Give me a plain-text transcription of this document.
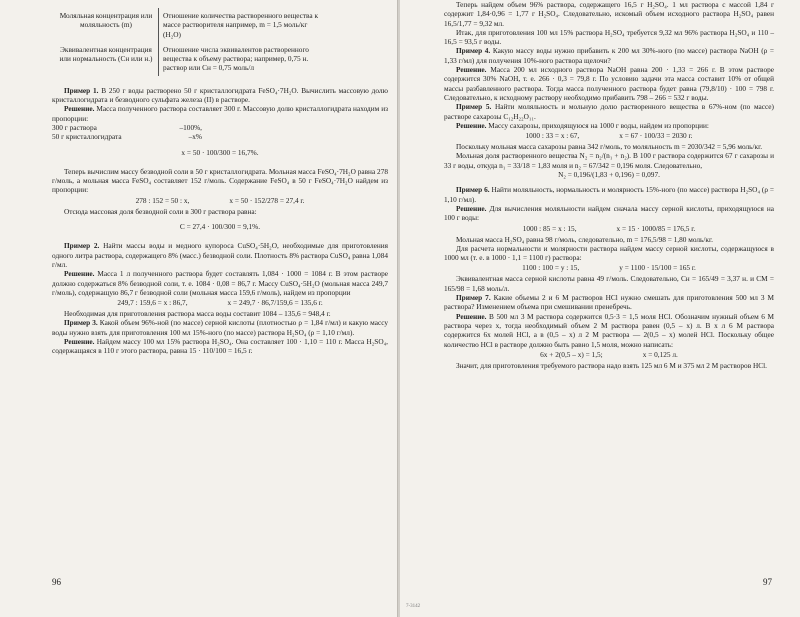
Моляльная концентрация или моляльность (m)	Отношение количества растворенного вещества к массе растворителя например, m = 1,5 моль/кг (H₂O)
Эквивалентная концентрация или нормальность (Cн или н.)	Отношение числа эквивалентов растворенного вещества к объему раствора; например, 0,75 н. раствор или Cн = 0,75 моль/л

Пример 1. В 250 г воды растворено 50 г кристаллогидрата FeSO₄·7H₂O. Вычислить массовую долю кристаллогидрата и безводного сульфата железа (II) в растворе.

Решение. Масса полученного раствора составляет 300 г. Массовую долю кристаллогидрата находим из пропорции:

300 г раствора	–100%,
50 г кристаллогидрата	–x%

x = 50 · 100/300 = 16,7%.

Теперь вычислим массу безводной соли в 50 г кристаллогидрата. Мольная масса FeSO₄·7H₂O равна 278 г/моль, а мольная масса FeSO₄ составляет 152 г/моль. Содержание FeSO₄ в 50 г FeSO₄·7H₂O найдем из пропорции:

278 : 152 = 50 : x,	x = 50 · 152/278 = 27,4 г.

Отсюда массовая доля безводной соли в 300 г раствора равна:

C = 27,4 · 100/300 = 9,1%.

Пример 2. Найти массы воды и медного купороса CuSO₄·5H₂O, необходимые для приготовления одного литра раствора, содержащего 8% (масс.) безводной соли. Плотность 8% раствора CuSO₄ равна 1,084 г/мл.

Решение. Масса 1 л полученного раствора будет составлять 1,084 · 1000 = 1084 г. В этом растворе должно содержаться 8% безводной соли, т. е. 1084 · 0,08 = 86,7 г. Массу CuSO₄·5H₂O (мольная масса 249,7 г/моль), содержащую 86,7 г безводной соли (мольная масса 159,6 г/моль), найдем из пропорции

249,7 : 159,6 = x : 86,7,	x = 249,7 · 86,7/159,6 = 135,6 г.

Необходимая для приготовления раствора масса воды составит 1084 – 135,6 = 948,4 г.

Пример 3. Какой объем 96%-ной (по массе) серной кислоты (плотностью ρ = 1,84 г/мл) и какую массу воды нужно взять для приготовления 100 мл 15%-ного (по массе) раствора H₂SO₄ (ρ = 1,10 г/мл).

Решение. Найдем массу 100 мл 15% раствора H₂SO₄. Она составляет 100 · 1,10 = 110 г. Масса H₂SO₄, содержащаяся в 110 г этого раствора, равна 15 · 110/100 = 16,5 г.

96

Теперь найдем объем 96% раствора, содержащего 16,5 г H₂SO₄. 1 мл раствора с массой 1,84 г содержит 1,84·0,96 = 1,77 г H₂SO₄. Следовательно, искомый объем исходного раствора H₂SO₄ равен 16,5/1,77 = 9,32 мл.

Итак, для приготовления 100 мл 15% раствора H₂SO₄ требуется 9,32 мл 96% раствора H₂SO₄ и 110 – 16,5 = 93,5 г воды.

Пример 4. Какую массу воды нужно прибавить к 200 мл 30%-ного (по массе) раствора NaOH (ρ = 1,33 г/мл) для получения 10%-ного раствора щелочи?

Решение. Масса 200 мл исходного раствора NaOH равна 200 · 1,33 = 266 г. В этом растворе содержится 30% NaOH, т. е. 266 · 0,3 = 79,8 г. По условию задачи эта масса составит 10% от общей массы разбавленного раствора. Тогда масса полученного раствора будет равна (79,8/10) · 100 = 798 г. Следовательно, к исходному раствору необходимо прибавить 798 – 266 = 532 г воды.

Пример 5. Найти моляльность и мольную долю растворенного вещества в 67%-ном (по массе) растворе сахарозы C₁₂H₂₂O₁₁.

Решение. Массу сахарозы, приходящуюся на 1000 г воды, найдем из пропорции:

1000 : 33 = x : 67,	x = 67 · 100/33 = 2030 г.

Поскольку мольная масса сахарозы равна 342 г/моль, то моляльность m = 2030/342 = 5,96 моль/кг.

Мольная доля растворенного вещества N₂ = n₂/(n₁ + n₂). В 100 г раствора содержится 67 г сахарозы и 33 г воды, откуда n₁ = 33/18 = 1,83 моля и n₂ = 67/342 = 0,196 моля. Следовательно,

N₂ = 0,196/(1,83 + 0,196) = 0,097.

Пример 6. Найти моляльность, нормальность и молярность 15%-ного (по массе) раствора H₂SO₄ (ρ = 1,10 г/мл).

Решение. Для вычисления моляльности найдем сначала массу серной кислоты, приходящуюся на 100 г воды:

1000 : 85 = x : 15,	x = 15 · 1000/85 = 176,5 г.

Мольная масса H₂SO₄ равна 98 г/моль, следовательно, m = 176,5/98 = 1,80 моль/кг.

Для расчета нормальности и молярности раствора найдем массу серной кислоты, содержащуюся в 1000 мл (т. е. в 1000 · 1,1 = 1100 г) раствора:

1100 : 100 = y : 15,	y = 1100 · 15/100 = 165 г.

Эквивалентная масса серной кислоты равна 49 г/моль. Следовательно, Cн = 165/49 = 3,37 н. и CM = 165/98 = 1,68 моль/л.

Пример 7. Какие объемы 2 и 6 M растворов HCl нужно смешать для приготовления 500 мл 3 M раствора? Изменением объема при смешивании пренебречь.

Решение. В 500 мл 3 M раствора содержится 0,5·3 = 1,5 моля HCl. Обозначим нужный объем 6 M раствора через x, тогда необходимый объем 2 M раствора равен (0,5 – x) л. В x л 6 M раствора содержится 6x молей HCl, а в (0,5 – x) л 2 M раствора — 2(0,5 – x) молей HCl. Поскольку общее количество HCl в растворе должно быть равно 1,5 моля, можно написать:

6x + 2(0,5 – x) = 1,5;	x = 0,125 л.

Значит, для приготовления требуемого раствора надо взять 125 мл 6 M и 375 мл 2 M растворов HCl.

97
7-3142
